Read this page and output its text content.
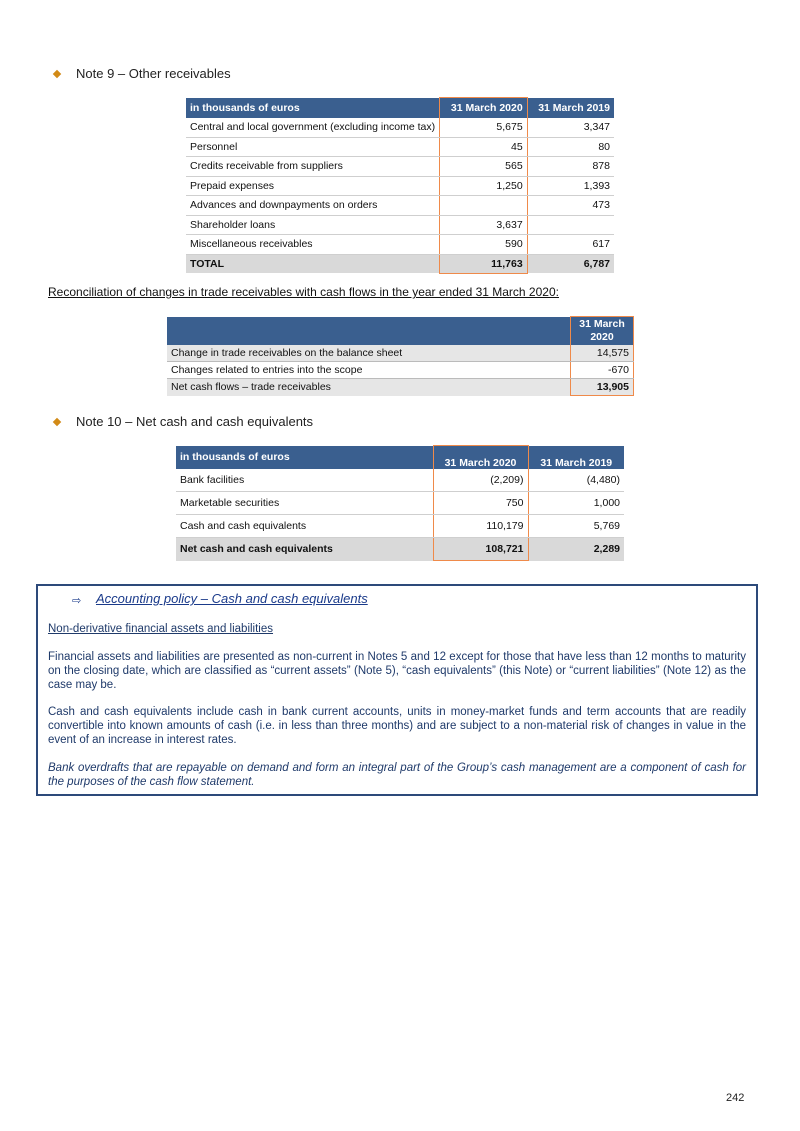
Note 9 – Other receivables
in thousands of euros	31 March 2020	31 March 2019
Central and local government (excluding income tax)	5,675	3,347
Personnel	45	80
Credits receivable from suppliers	565	878
Prepaid expenses	1,250	1,393
Advances and downpayments on orders		473
Shareholder loans	3,637	
Miscellaneous receivables	590	617
TOTAL	11,763	6,787
Reconciliation of changes in trade receivables with cash flows in the year ended 31 March 2020:
	31 March 2020
Change in trade receivables on the balance sheet	14,575
Changes related to entries into the scope	-670
Net cash flows – trade receivables	13,905
Note 10 – Net cash and cash equivalents
in thousands of euros	31 March 2020	31 March 2019
Bank facilities	(2,209)	(4,480)
Marketable securities	750	1,000
Cash and cash equivalents	110,179	5,769
Net cash and cash equivalents	108,721	2,289
⇨ Accounting policy – Cash and cash equivalents
Non-derivative financial assets and liabilities

Financial assets and liabilities are presented as non-current in Notes 5 and 12 except for those that have less than 12 months to maturity on the closing date, which are classified as “current assets” (Note 5), “cash equivalents” (this Note) or “current liabilities” (Note 12) as the case may be.

Cash and cash equivalents include cash in bank current accounts, units in money-market funds and term accounts that are readily convertible into known amounts of cash (i.e. in less than three months) and are subject to a non-material risk of changes in value in the event of an increase in interest rates.

Bank overdrafts that are repayable on demand and form an integral part of the Group’s cash management are a component of cash for the purposes of the cash flow statement.

242
